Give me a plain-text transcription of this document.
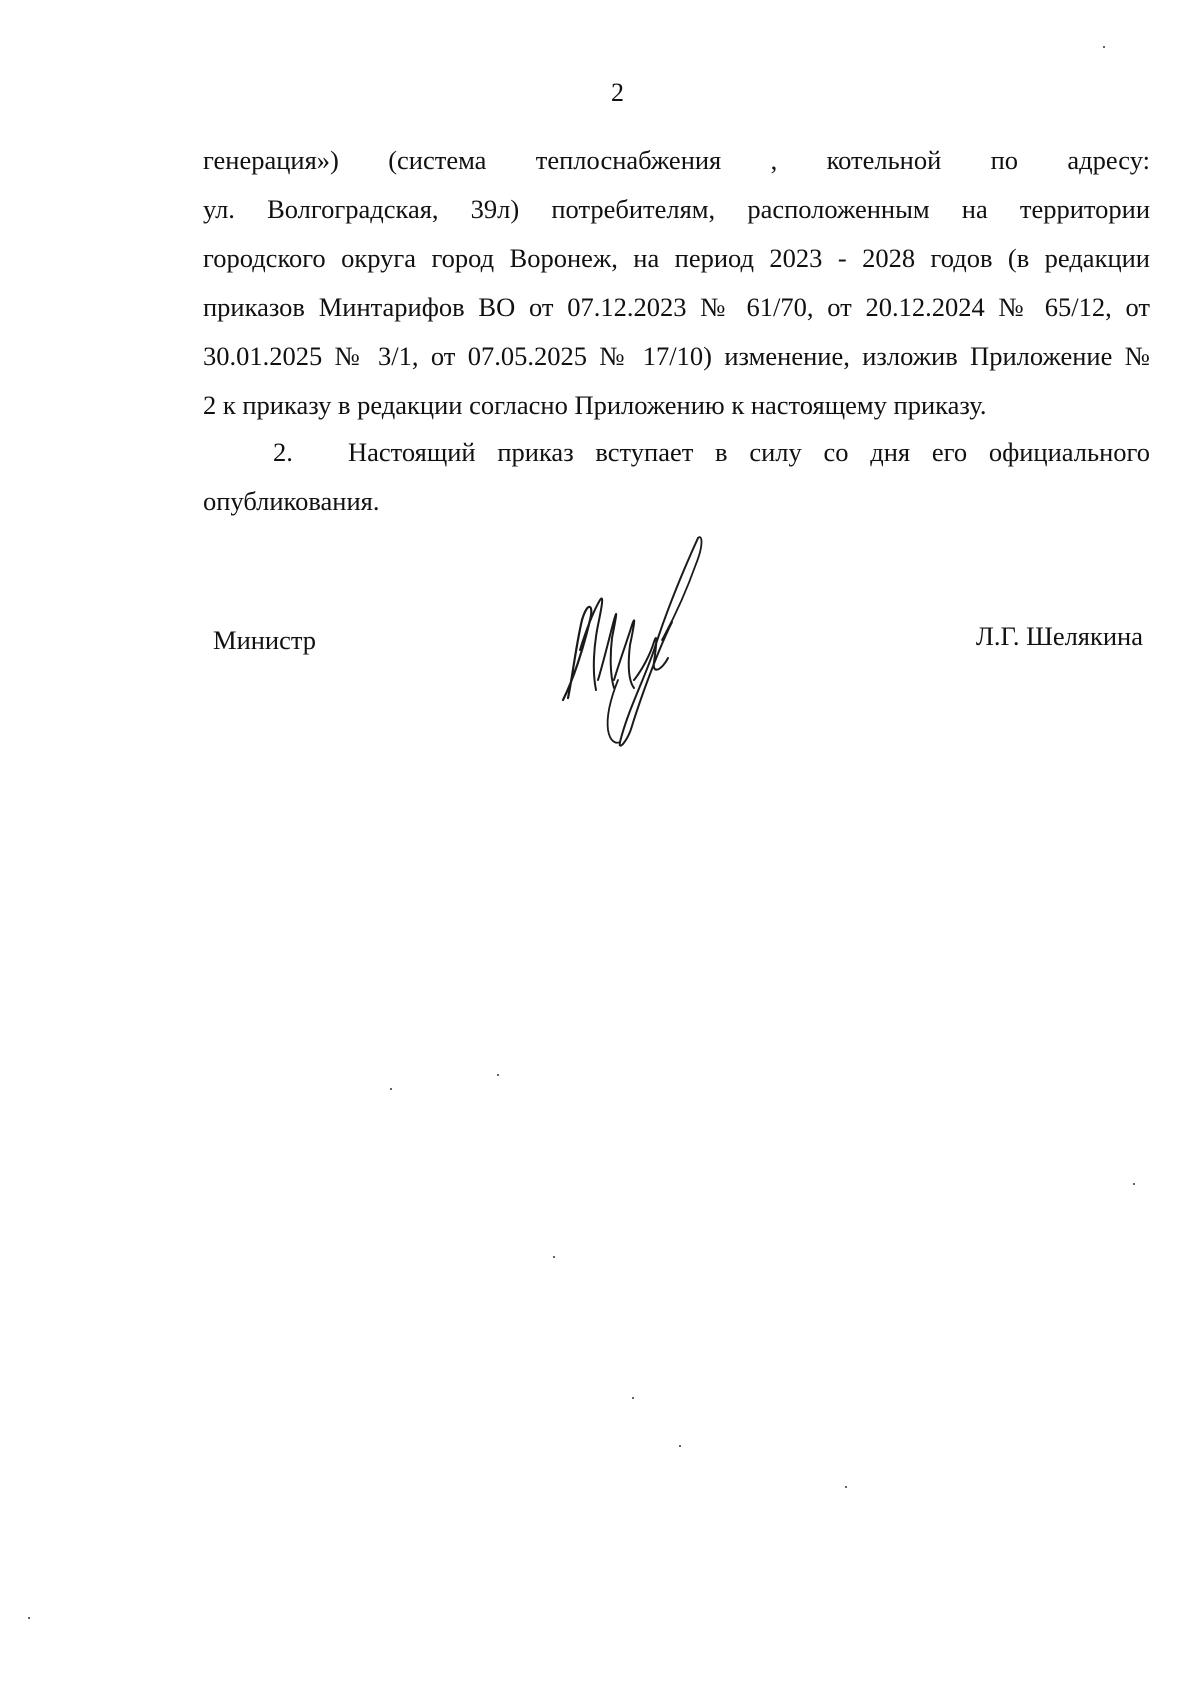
2
генерация») (система теплоснабжения , котельной по адресу:
ул. Волгоградская, 39л) потребителям, расположенным на территории
городского округа город Воронеж, на период 2023 - 2028 годов (в редакции
приказов Минтарифов ВО от 07.12.2023 № 61/70, от 20.12.2024 № 65/12, от
30.01.2025 № 3/1, от 07.05.2025 № 17/10) изменение, изложив Приложение №
2 к приказу в редакции согласно Приложению к настоящему приказу.
2. Настоящий приказ вступает в силу со дня его официального
опубликования.
Министр	Л.Г. Шелякина
